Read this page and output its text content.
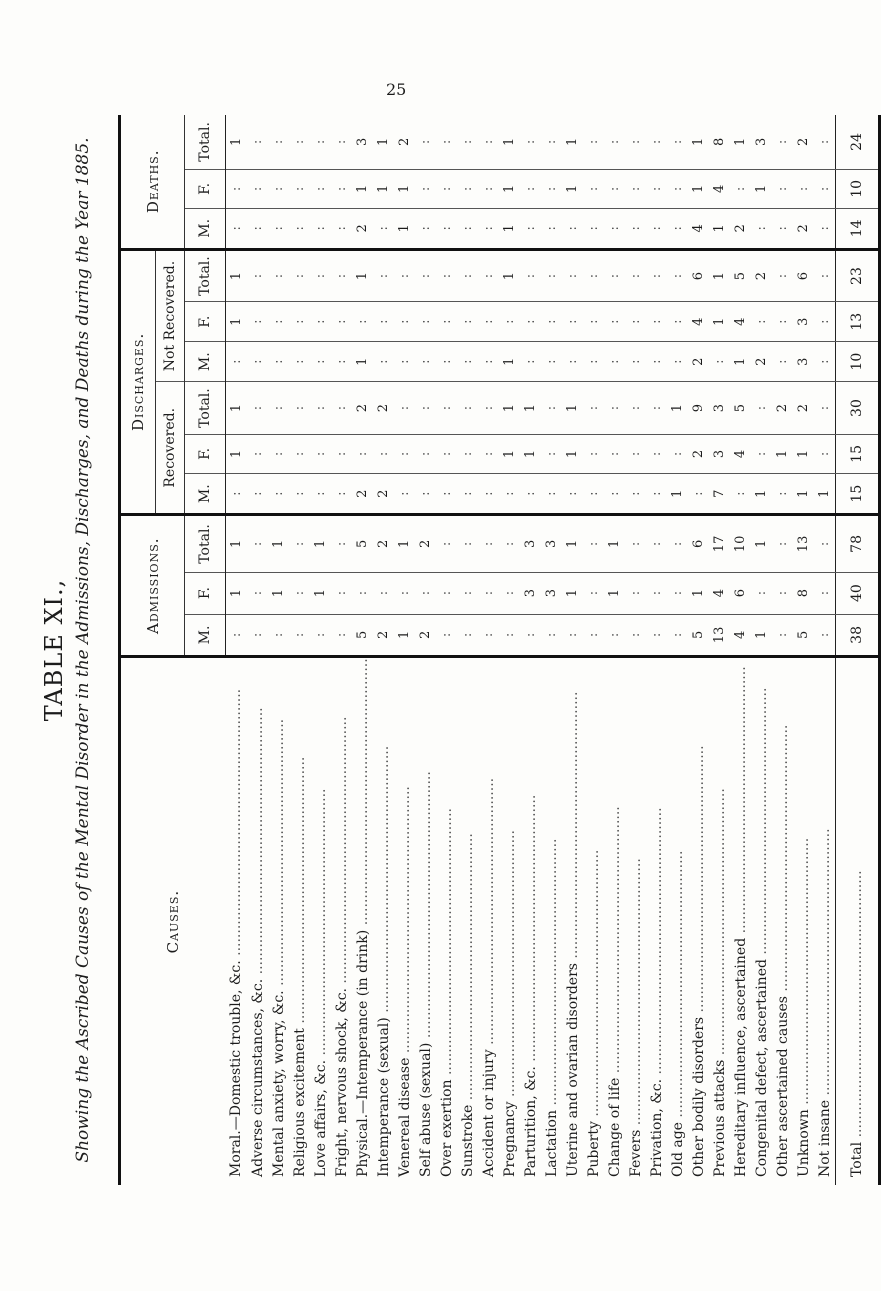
25
TABLE XI., Showing the Ascribed Causes of the Mental Disorder in the Admissions, Discharges, and Deaths during the Year 1885.	Causes.	Admissions.			Discharges.						Deaths.		
				Recovered.			Not Recovered.					
	M.	F.	Total.	M.	F.	Total.	M.	F.	Total.	M.	F.	Total.
Moral.—Domestic trouble, &c. ............................................................	:	1	1	:	1	1	:	1	1	:	:	1
Adverse circumstances, &c. ............................................................	:	:	:	:	:	:	:	:	:	:	:	:
Mental anxiety, worry, &c. ............................................................	:	1	1	:	:	:	:	:	:	:	:	:
Religious excitement ............................................................	:	:	:	:	:	:	:	:	:	:	:	:
Love affairs, &c. ............................................................	:	1	1	:	:	:	:	:	:	:	:	:
Fright, nervous shock, &c. ............................................................	:	:	:	:	:	:	:	:	:	:	:	:
Physical.—Intemperance (in drink) ............................................................	5	:	5	2	:	2	1	:	1	2	1	3
Intemperance (sexual) ............................................................	2	:	2	2	:	2	:	:	:	:	1	1
Venereal disease ............................................................	1	:	1	:	:	:	:	:	:	1	1	2
Self abuse (sexual) ............................................................	2	:	2	:	:	:	:	:	:	:	:	:
Over exertion ............................................................	:	:	:	:	:	:	:	:	:	:	:	:
Sunstroke ............................................................	:	:	:	:	:	:	:	:	:	:	:	:
Accident or injury ............................................................	:	:	:	:	:	:	:	:	:	:	:	:
Pregnancy ............................................................	:	:	:	:	1	1	1	:	1	1	1	1
Parturition, &c. ............................................................	:	3	3	:	1	1	:	:	:	:	:	:
Lactation ............................................................	:	3	3	:	:	:	:	:	:	:	:	:
Uterine and ovarian disorders ............................................................	:	1	1	:	1	1	:	:	:	:	1	1
Puberty ............................................................	:	:	:	:	:	:	:	:	:	:	:	:
Change of life ............................................................	:	1	1	:	:	:	:	:	:	:	:	:
Fevers ............................................................	:	:	:	:	:	:	:	:	:	:	:	:
Privation, &c. ............................................................	:	:	:	:	:	:	:	:	:	:	:	:
Old age ............................................................	:	:	:	1	:	1	:	:	:	:	:	:
Other bodily disorders ............................................................	5	1	6	:	2	9	2	4	6	4	1	1
Previous attacks ............................................................	13	4	17	7	3	3	:	1	1	1	4	8
Hereditary influence, ascertained ............................................................	4	6	10	:	4	5	1	4	5	2	:	1
Congenital defect, ascertained ............................................................	1	:	1	1	:	:	2	:	2	:	1	3
Other ascertained causes ............................................................	:	:	:	:	1	2	:	:	:	:	:	:
Unknown ............................................................	5	8	13	1	1	2	3	3	6	2	:	2
Not insane ............................................................	:	:	:	1	:	:	:	:	:	:	:	:
Total ............................................................	38	40	78	15	15	30	10	13	23	14	10	24
